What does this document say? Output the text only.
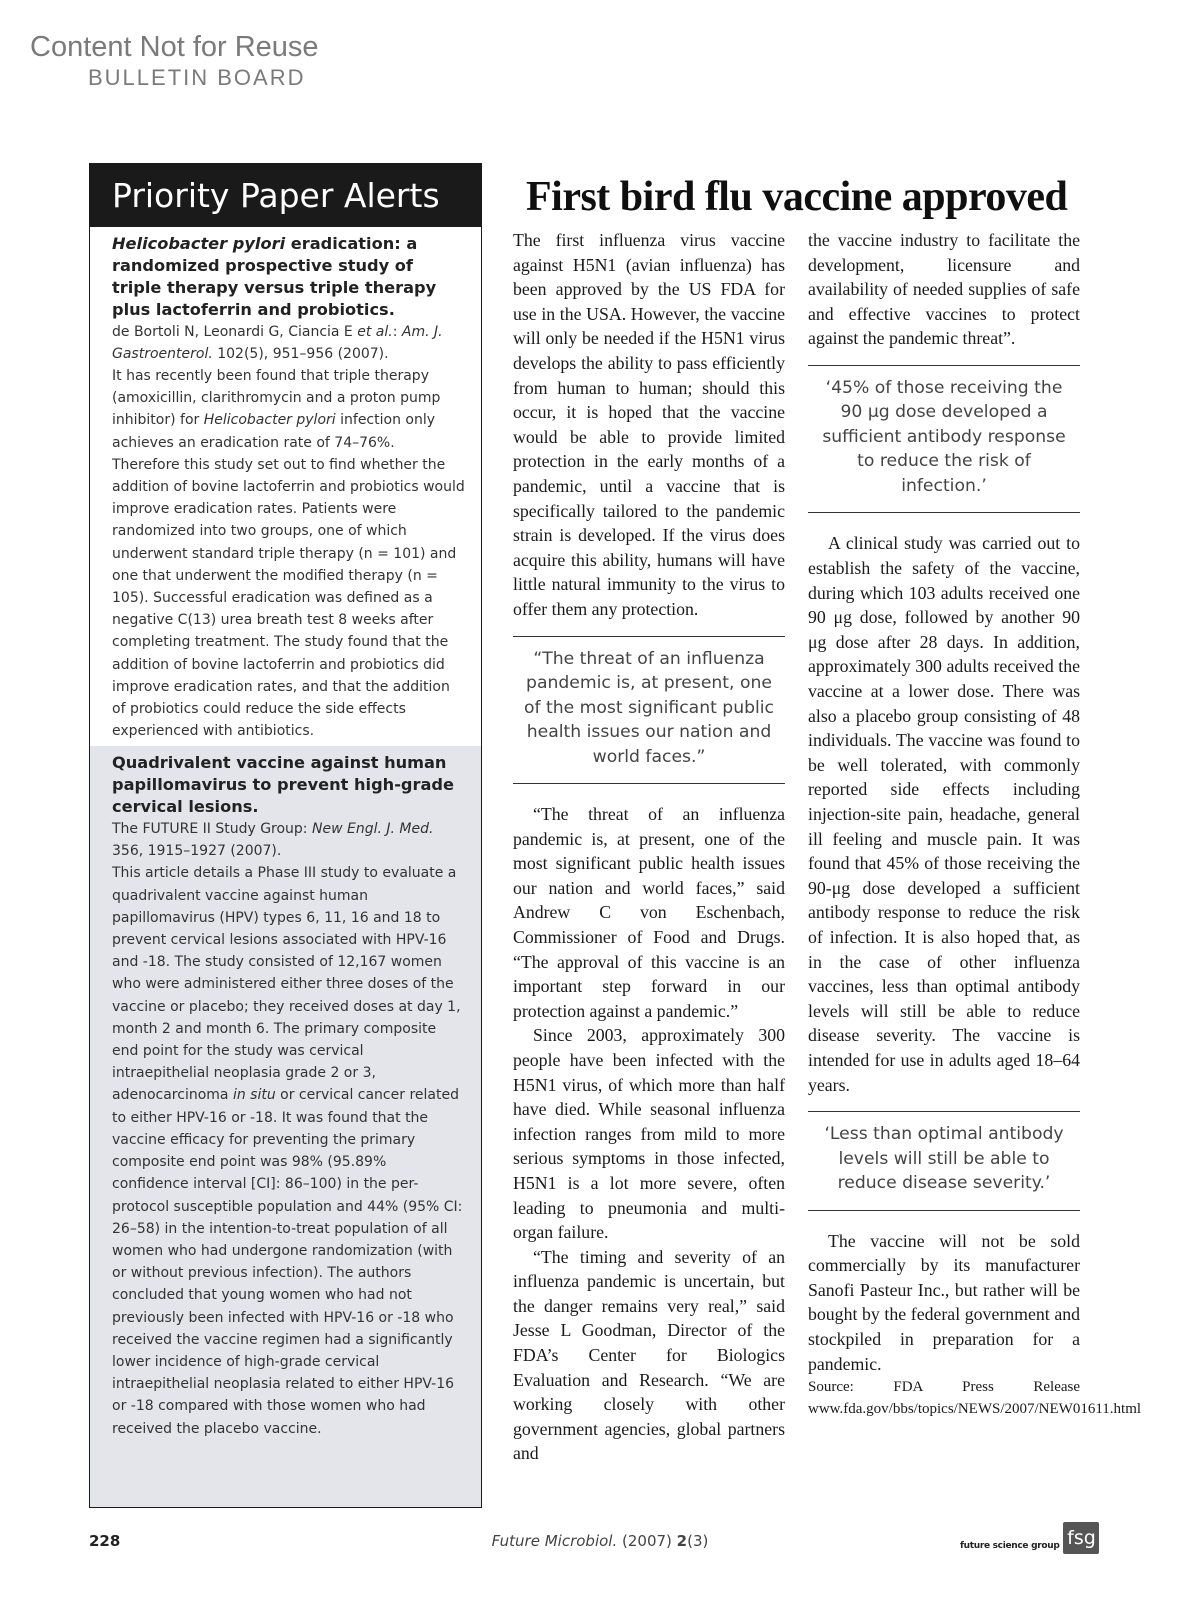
Content Not for Reuse
BULLETIN BOARD
Priority Paper Alerts
Helicobacter pylori eradication: a randomized prospective study of triple therapy versus triple therapy plus lactoferrin and probiotics.
de Bortoli N, Leonardi G, Ciancia E et al.: Am. J. Gastroenterol. 102(5), 951–956 (2007).
It has recently been found that triple therapy (amoxicillin, clarithromycin and a proton pump inhibitor) for Helicobacter pylori infection only achieves an eradication rate of 74–76%. Therefore this study set out to find whether the addition of bovine lactoferrin and probiotics would improve eradication rates. Patients were randomized into two groups, one of which underwent standard triple therapy (n = 101) and one that underwent the modified therapy (n = 105). Successful eradication was defined as a negative C(13) urea breath test 8 weeks after completing treatment. The study found that the addition of bovine lactoferrin and probiotics did improve eradication rates, and that the addition of probiotics could reduce the side effects experienced with antibiotics.
Quadrivalent vaccine against human papillomavirus to prevent high-grade cervical lesions.
The FUTURE II Study Group: New Engl. J. Med. 356, 1915–1927 (2007).
This article details a Phase III study to evaluate a quadrivalent vaccine against human papillomavirus (HPV) types 6, 11, 16 and 18 to prevent cervical lesions associated with HPV-16 and -18. The study consisted of 12,167 women who were administered either three doses of the vaccine or placebo; they received doses at day 1, month 2 and month 6. The primary composite end point for the study was cervical intraepithelial neoplasia grade 2 or 3, adenocarcinoma in situ or cervical cancer related to either HPV-16 or -18. It was found that the vaccine efficacy for preventing the primary composite end point was 98% (95.89% confidence interval [CI]: 86–100) in the per-protocol susceptible population and 44% (95% CI: 26–58) in the intention-to-treat population of all women who had undergone randomization (with or without previous infection). The authors concluded that young women who had not previously been infected with HPV-16 or -18 who received the vaccine regimen had a significantly lower incidence of high-grade cervical intraepithelial neoplasia related to either HPV-16 or -18 compared with those women who had received the placebo vaccine.
First bird flu vaccine approved

The first influenza virus vaccine against H5N1 (avian influenza) has been approved by the US FDA for use in the USA. However, the vaccine will only be needed if the H5N1 virus develops the ability to pass efficiently from human to human; should this occur, it is hoped that the vaccine would be able to provide limited protection in the early months of a pandemic, until a vaccine that is specifically tailored to the pandemic strain is developed. If the virus does acquire this ability, humans will have little natural immunity to the virus to offer them any protection.

“The threat of an influenza pandemic is, at present, one of the most significant public health issues our nation and world faces.”

“The threat of an influenza pandemic is, at present, one of the most significant public health issues our nation and world faces,” said Andrew C von Eschenbach, Commissioner of Food and Drugs. “The approval of this vaccine is an important step forward in our protection against a pandemic.”

Since 2003, approximately 300 people have been infected with the H5N1 virus, of which more than half have died. While seasonal influenza infection ranges from mild to more serious symptoms in those infected, H5N1 is a lot more severe, often leading to pneumonia and multi-organ failure.

“The timing and severity of an influenza pandemic is uncertain, but the danger remains very real,” said Jesse L Goodman, Director of the FDA’s Center for Biologics Evaluation and Research. “We are working closely with other government agencies, global partners and

the vaccine industry to facilitate the development, licensure and availability of needed supplies of safe and effective vaccines to protect against the pandemic threat”.

‘45% of those receiving the 90 μg dose developed a sufficient antibody response to reduce the risk of infection.’

A clinical study was carried out to establish the safety of the vaccine, during which 103 adults received one 90 μg dose, followed by another 90 μg dose after 28 days. In addition, approximately 300 adults received the vaccine at a lower dose. There was also a placebo group consisting of 48 individuals. The vaccine was found to be well tolerated, with commonly reported side effects including injection-site pain, headache, general ill feeling and muscle pain. It was found that 45% of those receiving the 90-μg dose developed a sufficient antibody response to reduce the risk of infection. It is also hoped that, as in the case of other influenza vaccines, less than optimal antibody levels will still be able to reduce disease severity. The vaccine is intended for use in adults aged 18–64 years.

‘Less than optimal antibody levels will still be able to reduce disease severity.’

The vaccine will not be sold commercially by its manufacturer Sanofi Pasteur Inc., but rather will be bought by the federal government and stockpiled in preparation for a pandemic.

Source: FDA Press Release www.fda.gov/bbs/topics/NEWS/2007/NEW01611.html

228	Future Microbiol. (2007) 2(3)	future science group fsg
